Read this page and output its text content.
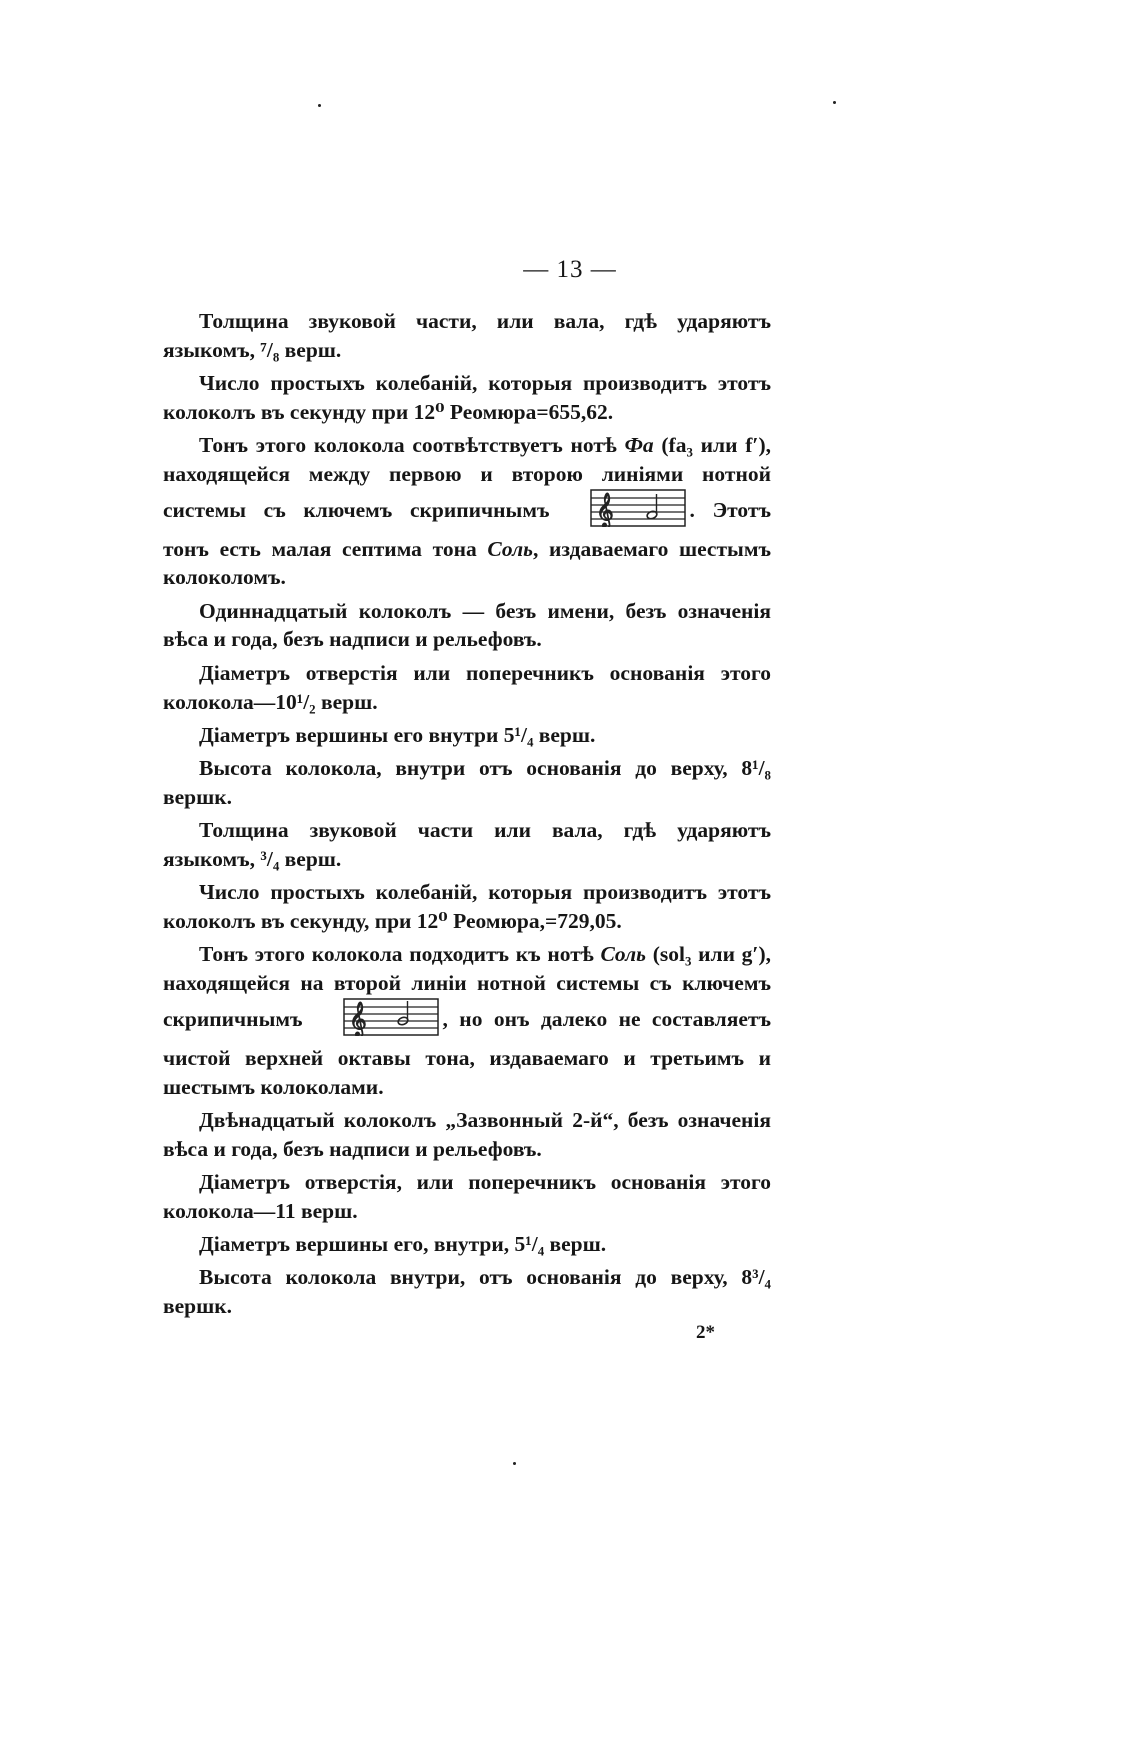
— 13 —

Толщина звуковой части, или вала, гдѣ ударяютъ языкомъ, ⁷/₈ верш.

Число простыхъ колебаній, которыя производитъ этотъ колоколъ въ секунду при 12⁰ Реомюра=655,62.

Тонъ этого колокола соотвѣтствуетъ нотѣ Фа (fa₃ или f′), находящейся между первою и второю линіями нотной системы съ ключемъ скрипичнымъ 𝄞	. Этотъ тонъ есть малая септима тона Соль, издаваемаго шестымъ колоколомъ.

Одиннадцатый колоколъ — безъ имени, безъ означенія вѣса и года, безъ надписи и рельефовъ.

Діаметръ отверстія или поперечникъ основанія этого колокола—10¹/₂ верш.

Діаметръ вершины его внутри 5¹/₄ верш.

Высота колокола, внутри отъ основанія до верху, 8¹/₈ вершк.

Толщина звуковой части или вала, гдѣ ударяютъ языкомъ, ³/₄ верш.

Число простыхъ колебаній, которыя производитъ этотъ колоколъ въ секунду, при 12⁰ Реомюра,=729,05.

Тонъ этого колокола подходитъ къ нотѣ Соль (sol₃ или g′), находящейся на второй линіи нотной системы съ ключемъ скрипичнымъ 𝄞	, но онъ далеко не составляетъ чистой верхней октавы тона, издаваемаго и третьимъ и шестымъ колоколами.

Двѣнадцатый колоколъ „Зазвонный 2-й“, безъ означенія вѣса и года, безъ надписи и рельефовъ.

Діаметръ отверстія, или поперечникъ основанія этого колокола—11 верш.

Діаметръ вершины его, внутри, 5¹/₄ верш.

Высота колокола внутри, отъ основанія до верху, 8³/₄ вершк.

2*
